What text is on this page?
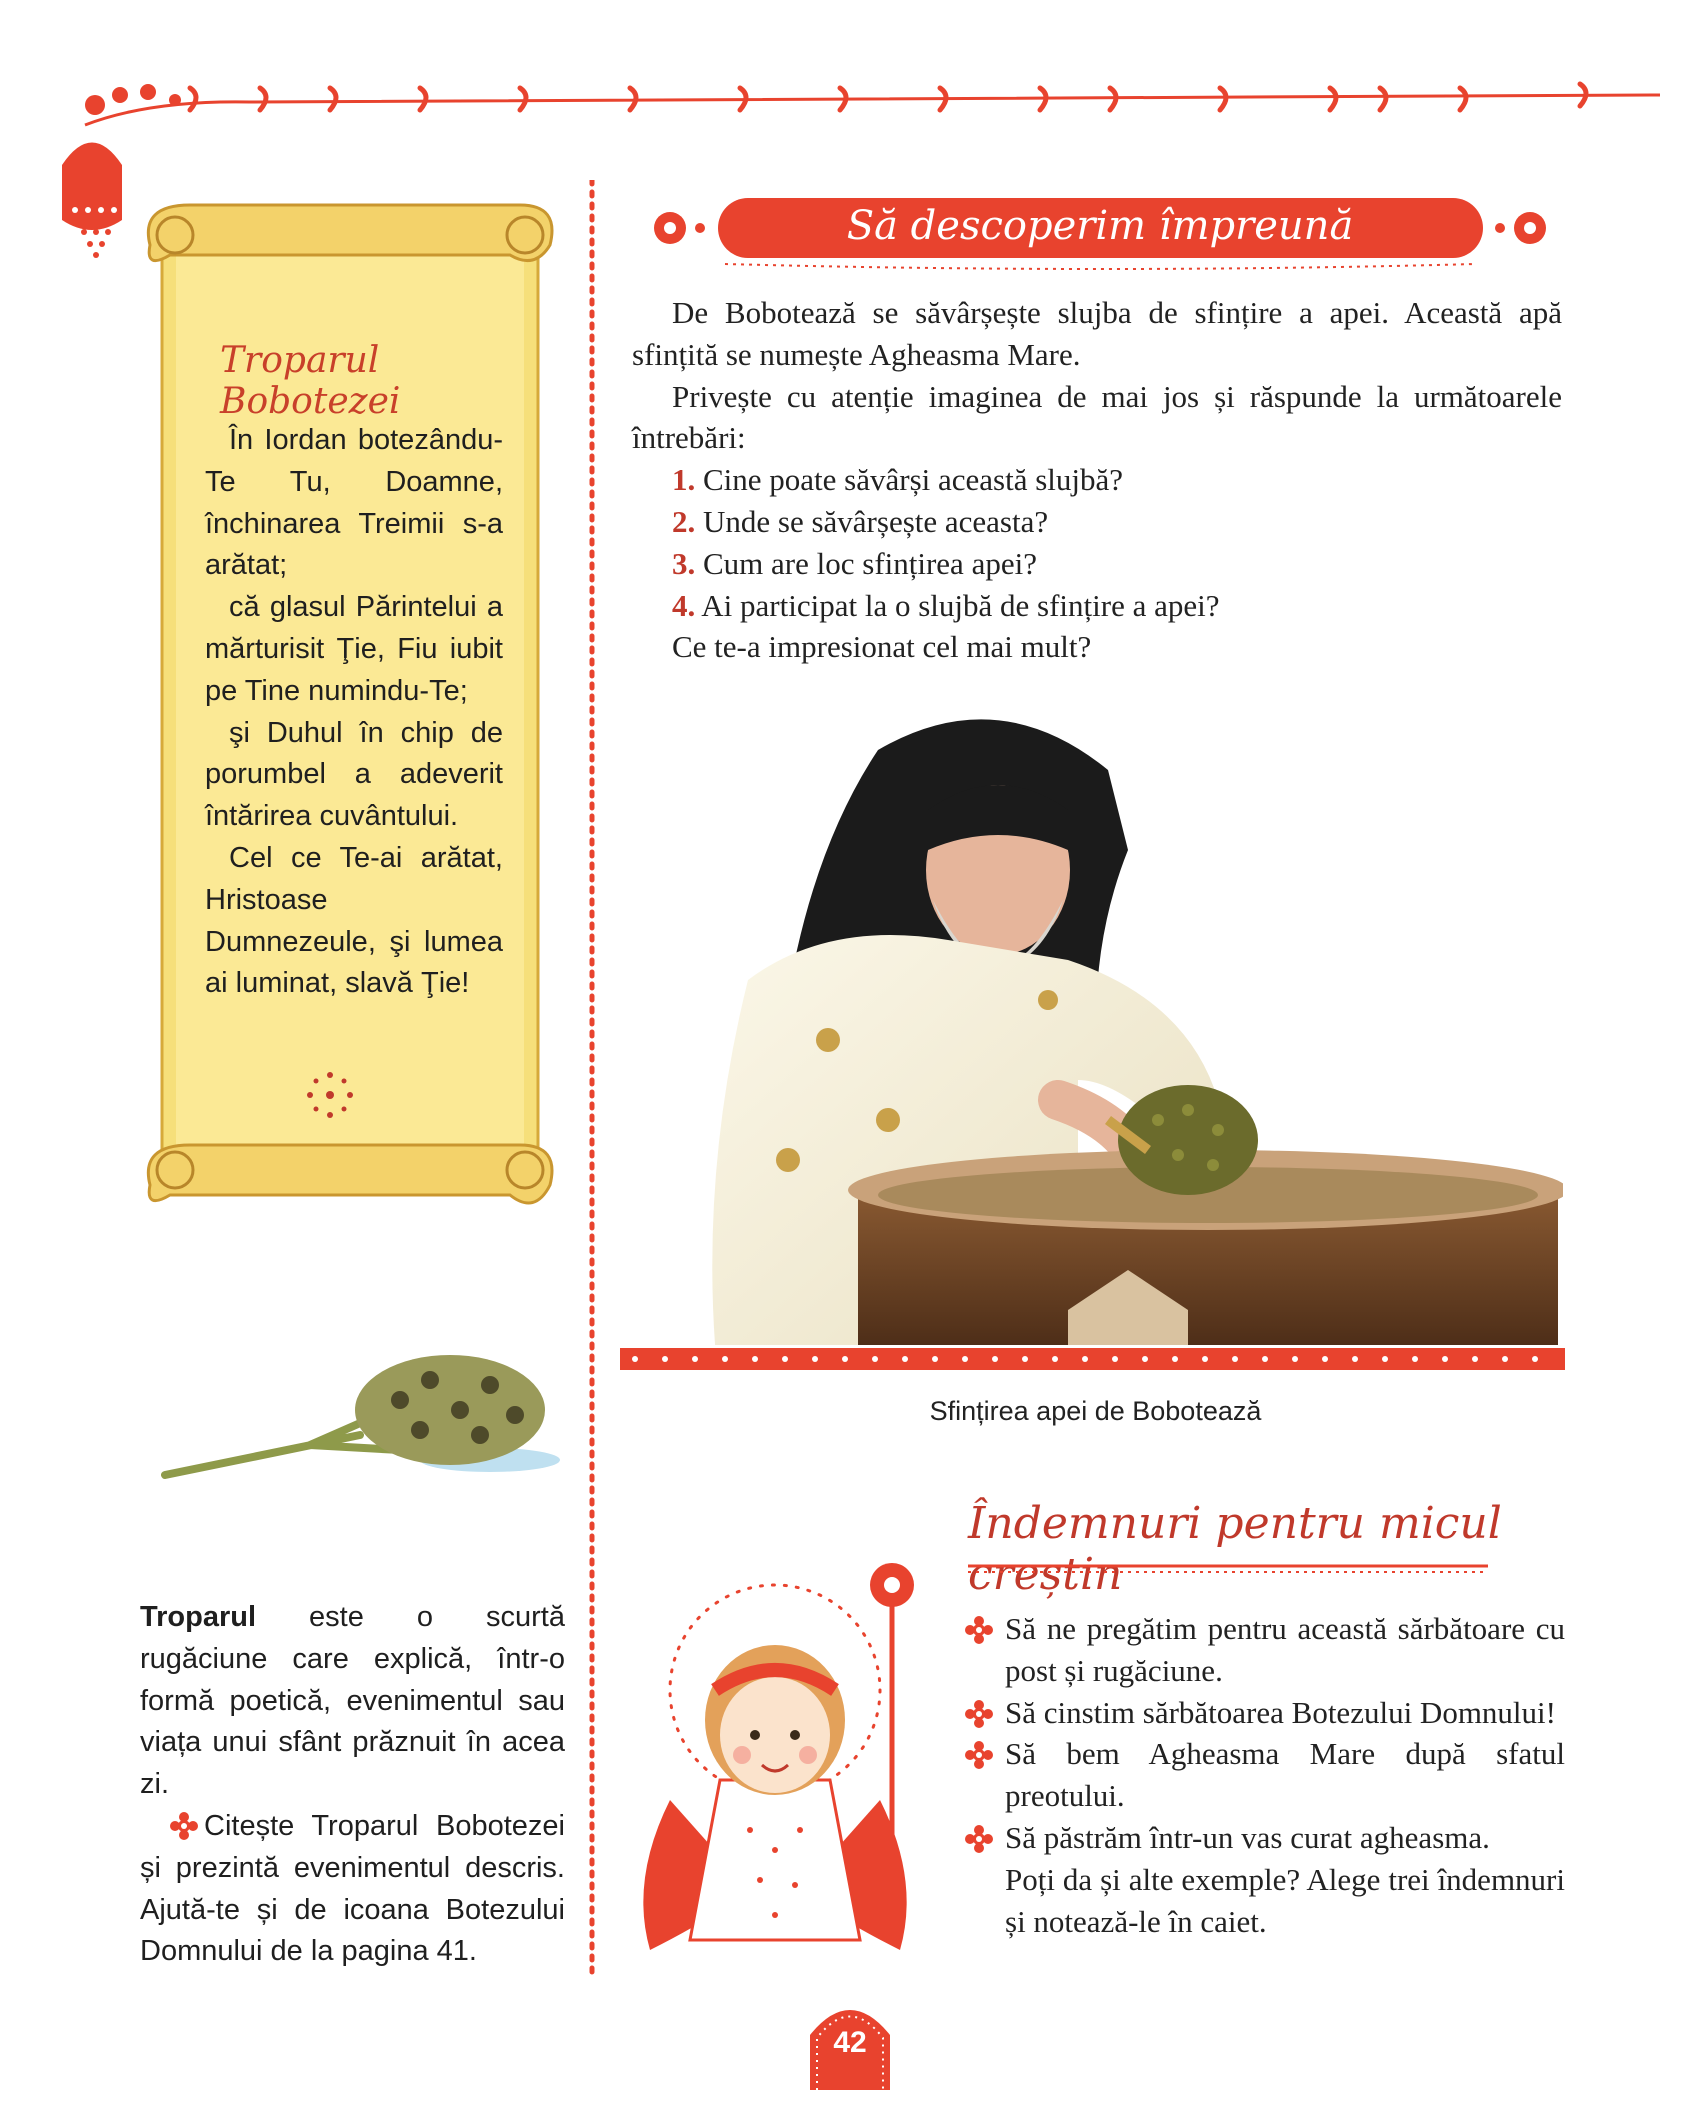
Troparul Bobotezei

În Iordan botezându-Te Tu, Doamne, închinarea Treimii s-a arătat;

că glasul Părintelui a mărturisit Ţie, Fiu iubit pe Tine numindu-Te;

şi Duhul în chip de porumbel a adeverit întărirea cuvântului.

Cel ce Te-ai arătat, Hristoase Dumnezeule, şi lumea ai luminat, slavă Ţie!

Să descoperim împreună

De Bobotează se săvârșește slujba de sfințire a apei. Această apă sfințită se numește Agheasma Mare.

Privește cu atenție imaginea de mai jos și răspunde la următoarele întrebări:

1. Cine poate săvârși această slujbă?

2. Unde se săvârșește aceasta?

3. Cum are loc sfințirea apei?

4. Ai participat la o slujbă de sfințire a apei?

Ce te-a impresionat cel mai mult?

Sfințirea apei de Bobotează

Troparul este o scurtă rugăciune care explică, într-o formă poetică, evenimentul sau viața unui sfânt prăznuit în acea zi.

Citește Troparul Bobotezei și prezintă evenimentul descris. Ajută-te și de icoana Botezului Domnului de la pagina 41.

Îndemnuri pentru micul creștin

Să ne pregătim pentru această sărbătoare cu post și rugăciune.

Să cinstim sărbătoarea Botezului Domnului!

Să bem Agheasma Mare după sfatul preotului.

Să păstrăm într-un vas curat agheasma.

Poți da și alte exemple? Alege trei îndemnuri și notează-le în caiet.

42
